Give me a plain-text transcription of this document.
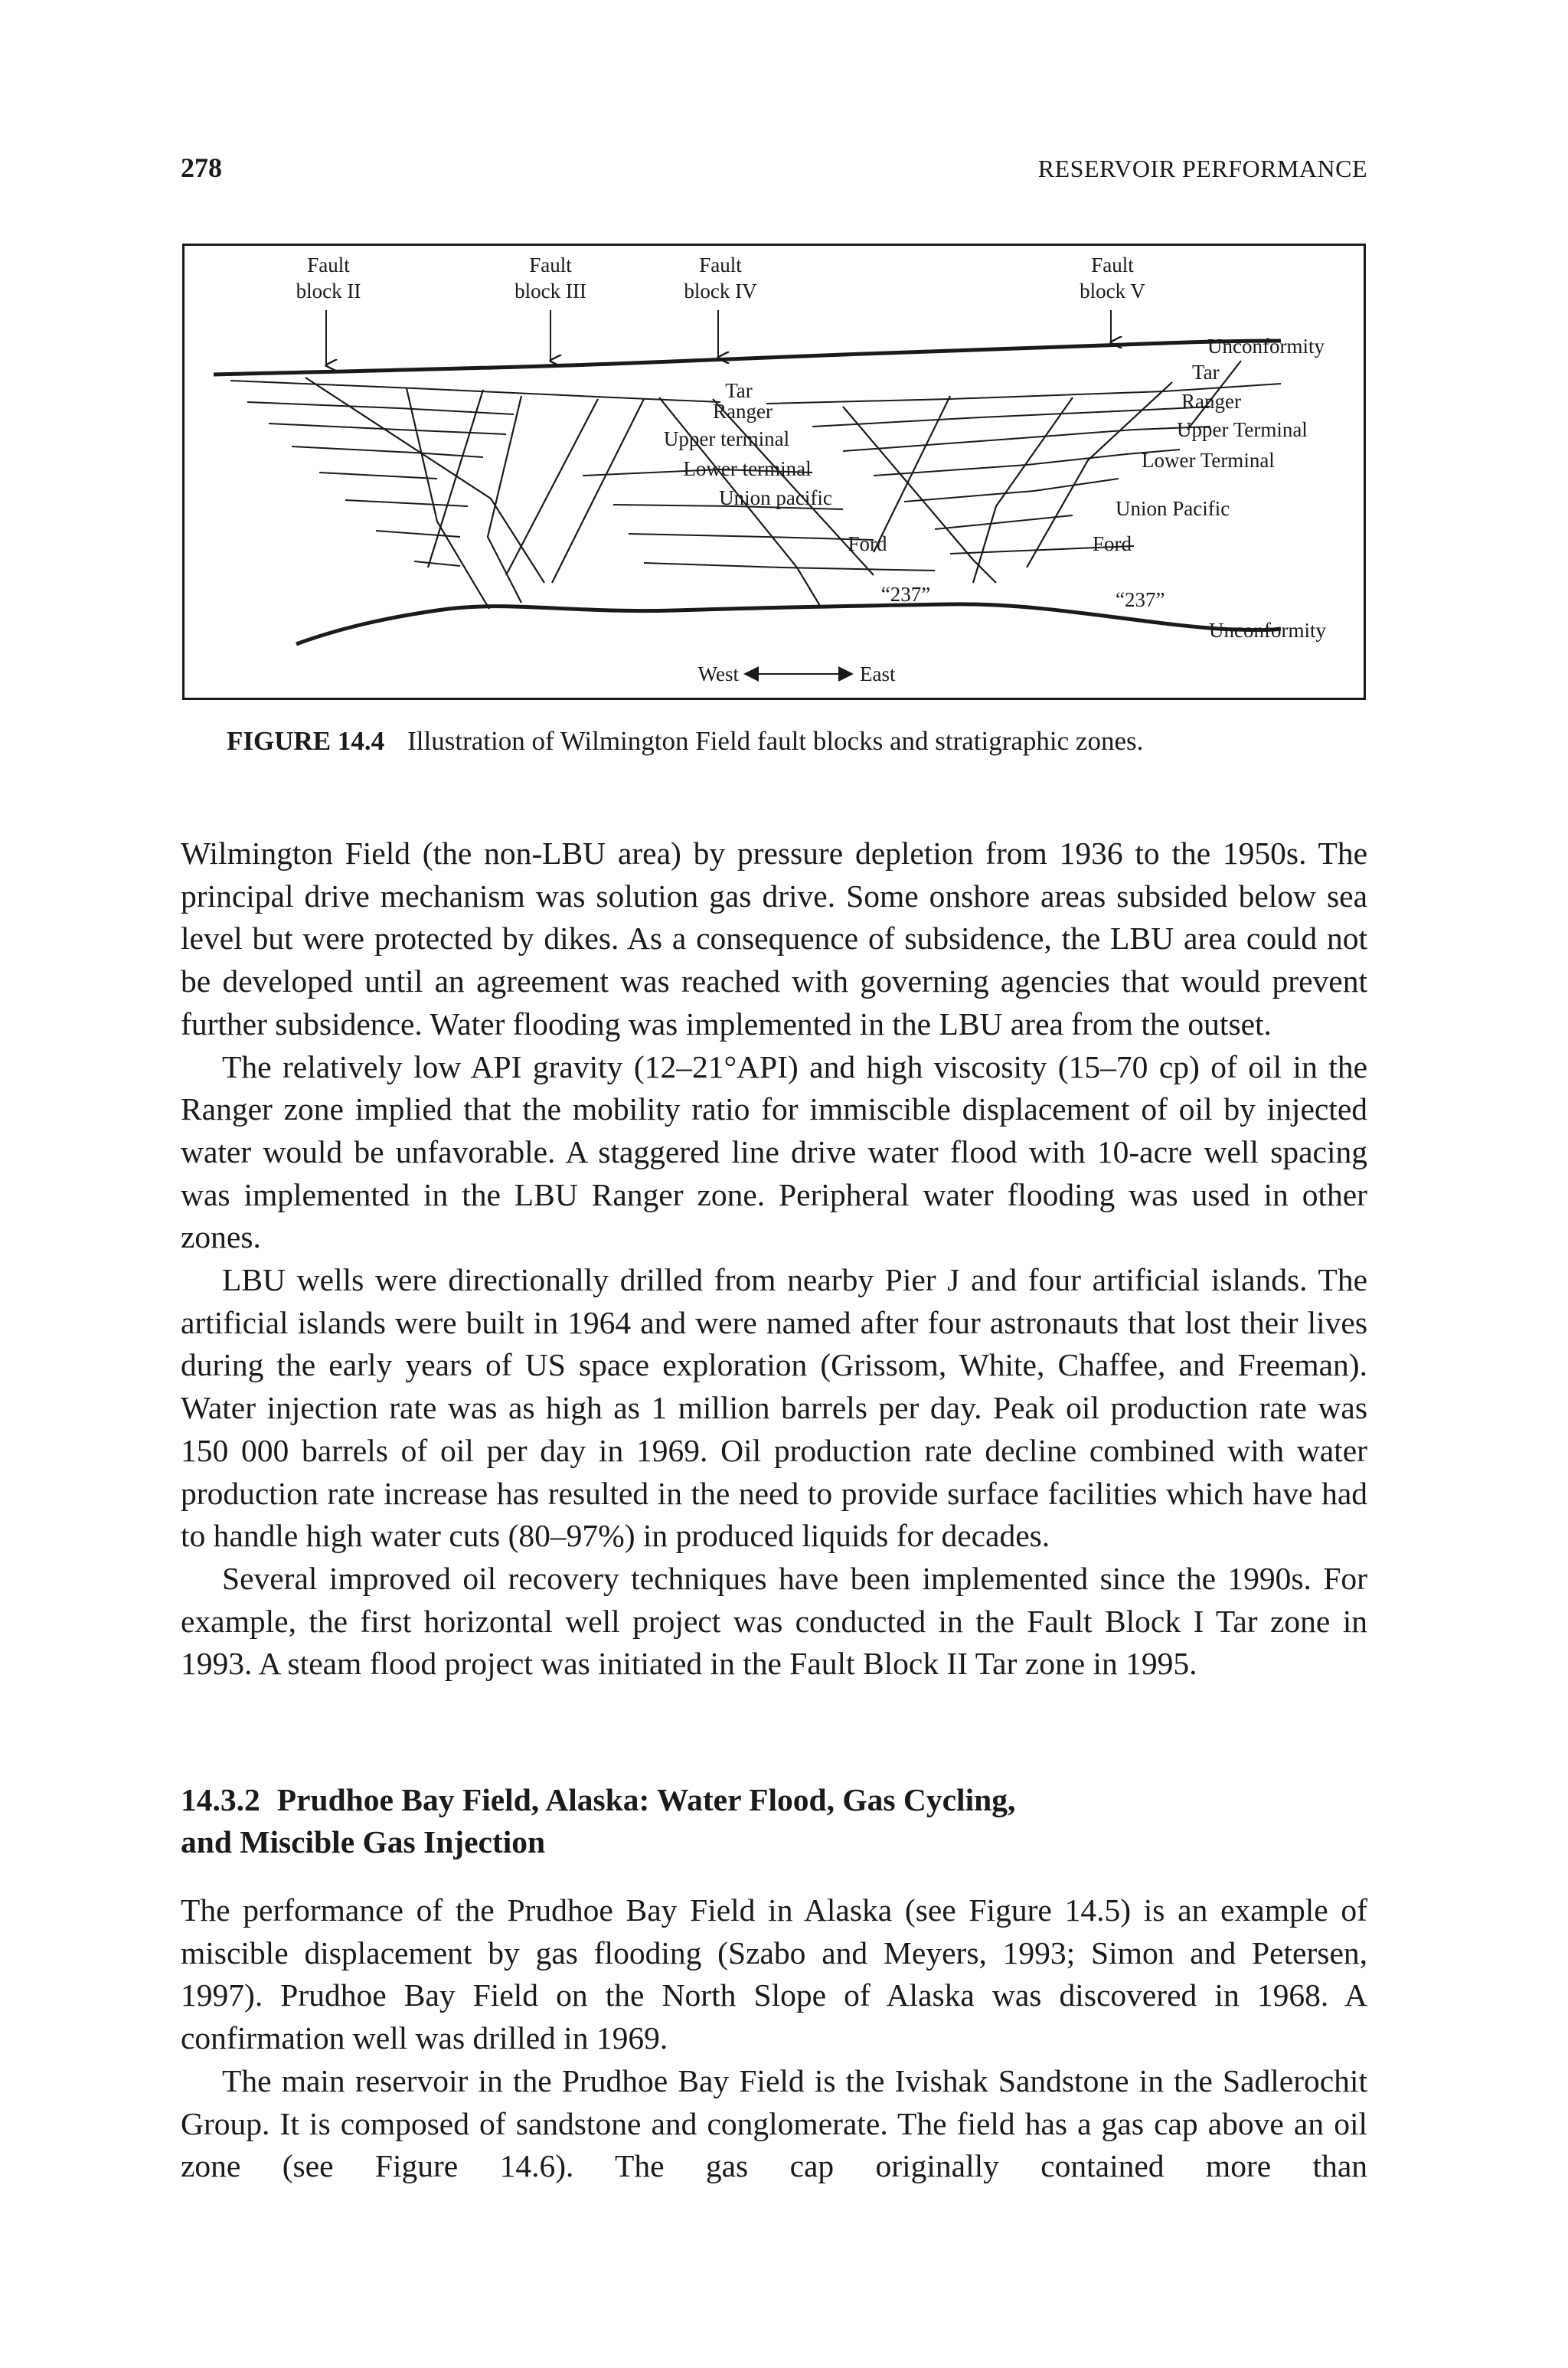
278	RESERVOIR PERFORMANCE
Fault
block II
Fault
block III
Fault
block IV
Fault
block V
Tar
Ranger
Upper terminal
Lower terminal
Union pacific
Ford
“237”
Unconformity
Tar
Ranger
Upper Terminal
Lower Terminal
Union Pacific
Ford
“237”
Unconformity
West	East
FIGURE 14.4 Illustration of Wilmington Field fault blocks and stratigraphic zones.

Wilmington Field (the non-LBU area) by pressure depletion from 1936 to the 1950s. The principal drive mechanism was solution gas drive. Some onshore areas subsided below sea level but were protected by dikes. As a consequence of subsidence, the LBU area could not be developed until an agreement was reached with governing agencies that would prevent further subsidence. Water flooding was implemented in the LBU area from the outset.

The relatively low API gravity (12–21°API) and high viscosity (15–70 cp) of oil in the Ranger zone implied that the mobility ratio for immiscible displacement of oil by injected water would be unfavorable. A staggered line drive water flood with 10-acre well spacing was implemented in the LBU Ranger zone. Peripheral water flooding was used in other zones.

LBU wells were directionally drilled from nearby Pier J and four artificial islands. The artificial islands were built in 1964 and were named after four astronauts that lost their lives during the early years of US space exploration (Grissom, White, Chaffee, and Freeman). Water injection rate was as high as 1 million barrels per day. Peak oil production rate was 150 000 barrels of oil per day in 1969. Oil production rate decline combined with water production rate increase has resulted in the need to provide surface facilities which have had to handle high water cuts (80–97%) in produced liquids for decades.

Several improved oil recovery techniques have been implemented since the 1990s. For example, the first horizontal well project was conducted in the Fault Block I Tar zone in 1993. A steam flood project was initiated in the Fault Block II Tar zone in 1995.

14.3.2 Prudhoe Bay Field, Alaska: Water Flood, Gas Cycling,
and Miscible Gas Injection

The performance of the Prudhoe Bay Field in Alaska (see Figure 14.5) is an example of miscible displacement by gas flooding (Szabo and Meyers, 1993; Simon and Petersen, 1997). Prudhoe Bay Field on the North Slope of Alaska was discovered in 1968. A confirmation well was drilled in 1969.

The main reservoir in the Prudhoe Bay Field is the Ivishak Sandstone in the Sadlerochit Group. It is composed of sandstone and conglomerate. The field has a gas cap above an oil zone (see Figure 14.6). The gas cap originally contained more than
